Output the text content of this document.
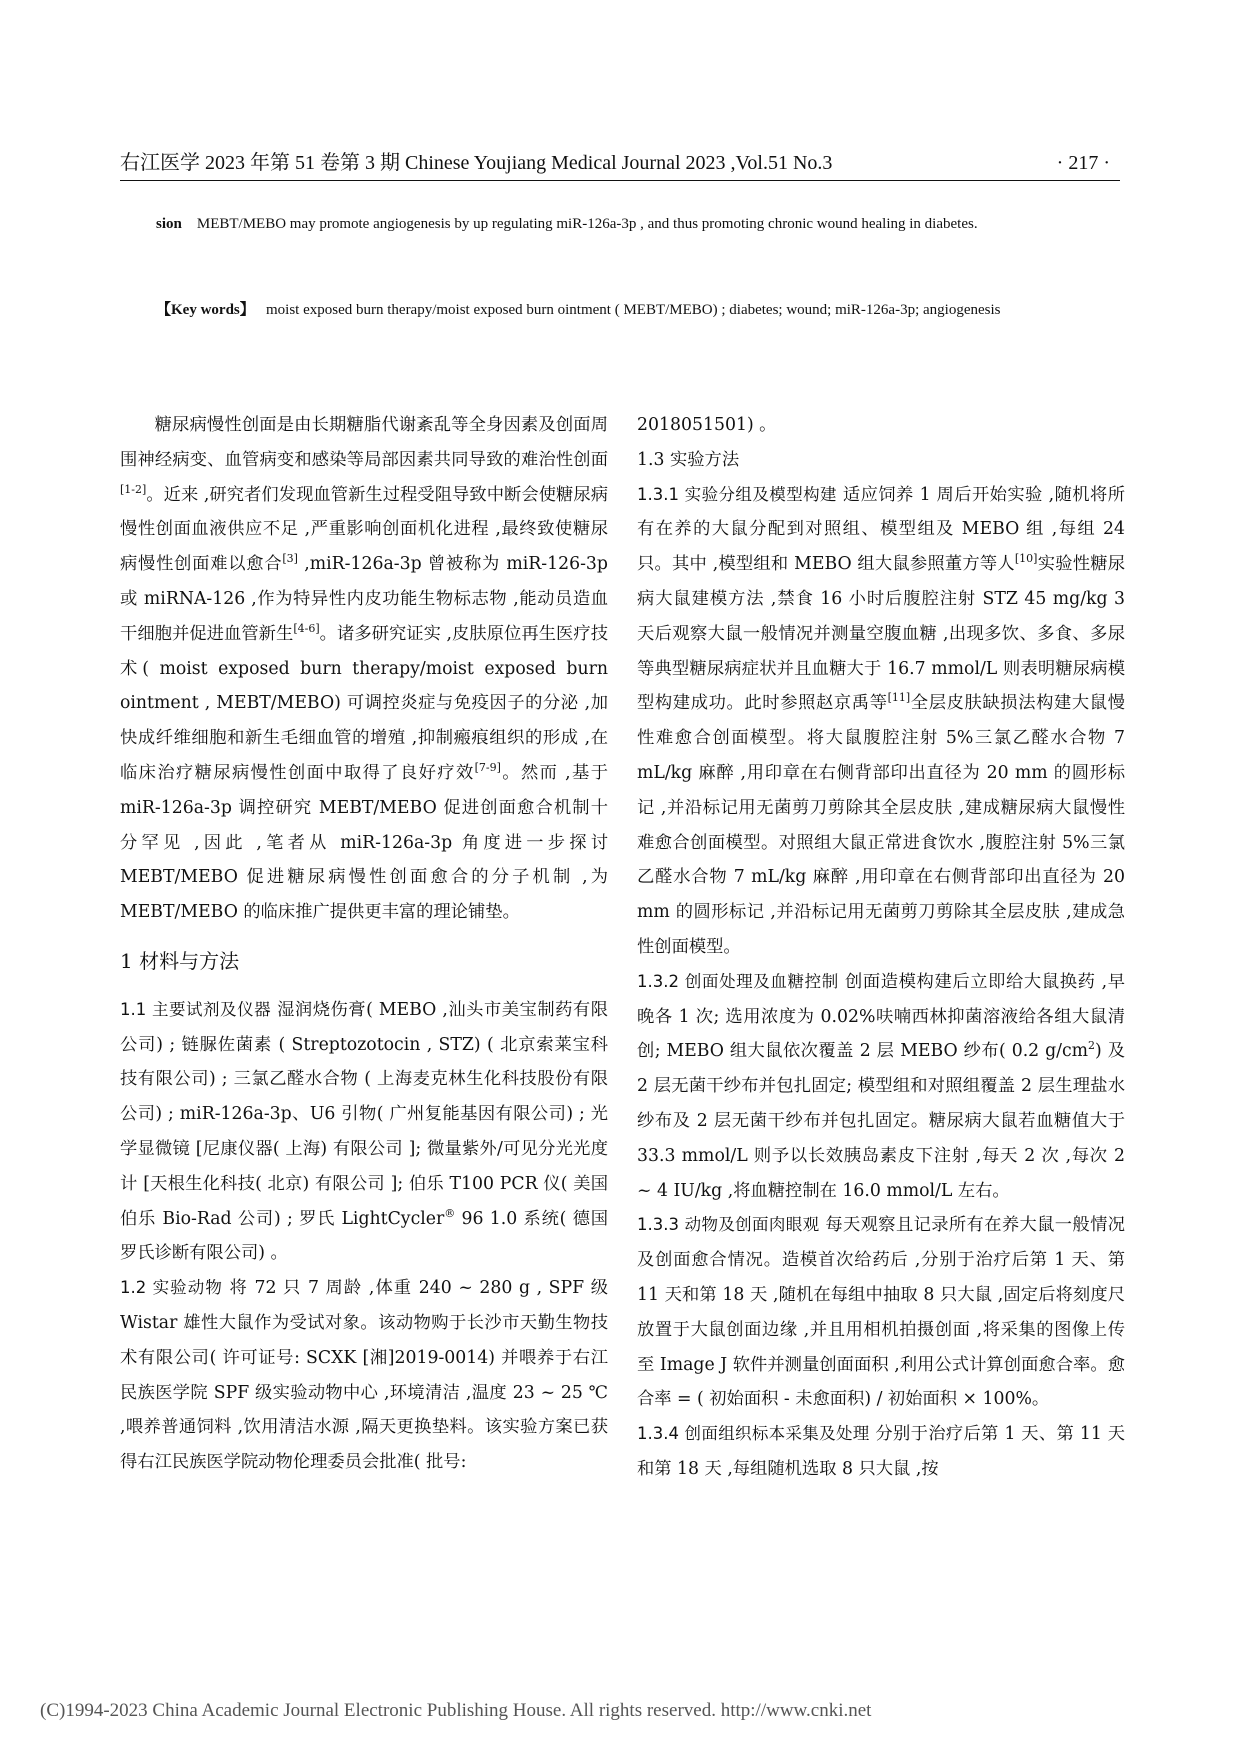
右江医学 2023 年第 51 卷第 3 期 Chinese Youjiang Medical Journal 2023 ,Vol.51 No.3	· 217 ·
sion MEBT/MEBO may promote angiogenesis by up regulating miR-126a-3p , and thus promoting chronic wound healing in diabetes.
【Key words】 moist exposed burn therapy/moist exposed burn ointment ( MEBT/MEBO) ; diabetes; wound; miR-126a-3p; angiogenesis

糖尿病慢性创面是由长期糖脂代谢紊乱等全身因素及创面周围神经病变、血管病变和感染等局部因素共同导致的难治性创面[1-2]。近来 ,研究者们发现血管新生过程受阻导致中断会使糖尿病慢性创面血液供应不足 ,严重影响创面机化进程 ,最终致使糖尿病慢性创面难以愈合[3] ,miR-126a-3p 曾被称为 miR-126-3p 或 miRNA-126 ,作为特异性内皮功能生物标志物 ,能动员造血干细胞并促进血管新生[4-6]。诸多研究证实 ,皮肤原位再生医疗技术( moist exposed burn therapy/moist exposed burn ointment , MEBT/MEBO) 可调控炎症与免疫因子的分泌 ,加快成纤维细胞和新生毛细血管的增殖 ,抑制瘢痕组织的形成 ,在临床治疗糖尿病慢性创面中取得了良好疗效[7-9]。然而 ,基于 miR-126a-3p 调控研究 MEBT/MEBO 促进创面愈合机制十分罕见 ,因此 ,笔者从 miR-126a-3p 角度进一步探讨 MEBT/MEBO 促进糖尿病慢性创面愈合的分子机制 ,为 MEBT/MEBO 的临床推广提供更丰富的理论铺垫。

1 材料与方法

1.1 主要试剂及仪器 湿润烧伤膏( MEBO ,汕头市美宝制药有限公司) ; 链脲佐菌素 ( Streptozotocin , STZ) ( 北京索莱宝科技有限公司) ; 三氯乙醛水合物 ( 上海麦克林生化科技股份有限公司) ; miR-126a-3p、U6 引物( 广州复能基因有限公司) ; 光学显微镜 [尼康仪器( 上海) 有限公司 ]; 微量紫外/可见分光光度计 [天根生化科技( 北京) 有限公司 ]; 伯乐 T100 PCR 仪( 美国伯乐 Bio-Rad 公司) ; 罗氏 LightCycler® 96 1.0 系统( 德国罗氏诊断有限公司) 。

1.2 实验动物 将 72 只 7 周龄 ,体重 240 ~ 280 g , SPF 级 Wistar 雄性大鼠作为受试对象。该动物购于长沙市天勤生物技术有限公司( 许可证号: SCXK [湘]2019-0014) 并喂养于右江民族医学院 SPF 级实验动物中心 ,环境清洁 ,温度 23 ~ 25 ℃ ,喂养普通饲料 ,饮用清洁水源 ,隔天更换垫料。该实验方案已获得右江民族医学院动物伦理委员会批准( 批号:

2018051501) 。

1.3 实验方法

1.3.1 实验分组及模型构建 适应饲养 1 周后开始实验 ,随机将所有在养的大鼠分配到对照组、模型组及 MEBO 组 ,每组 24 只。其中 ,模型组和 MEBO 组大鼠参照董方等人[10]实验性糖尿病大鼠建模方法 ,禁食 16 小时后腹腔注射 STZ 45 mg/kg 3 天后观察大鼠一般情况并测量空腹血糖 ,出现多饮、多食、多尿等典型糖尿病症状并且血糖大于 16.7 mmol/L 则表明糖尿病模型构建成功。此时参照赵京禹等[11]全层皮肤缺损法构建大鼠慢性难愈合创面模型。将大鼠腹腔注射 5%三氯乙醛水合物 7 mL/kg 麻醉 ,用印章在右侧背部印出直径为 20 mm 的圆形标记 ,并沿标记用无菌剪刀剪除其全层皮肤 ,建成糖尿病大鼠慢性难愈合创面模型。对照组大鼠正常进食饮水 ,腹腔注射 5%三氯乙醛水合物 7 mL/kg 麻醉 ,用印章在右侧背部印出直径为 20 mm 的圆形标记 ,并沿标记用无菌剪刀剪除其全层皮肤 ,建成急性创面模型。

1.3.2 创面处理及血糖控制 创面造模构建后立即给大鼠换药 ,早晚各 1 次; 选用浓度为 0.02%呋喃西林抑菌溶液给各组大鼠清创; MEBO 组大鼠依次覆盖 2 层 MEBO 纱布( 0.2 $g/cm^2$) 及 2 层无菌干纱布并包扎固定; 模型组和对照组覆盖 2 层生理盐水纱布及 2 层无菌干纱布并包扎固定。糖尿病大鼠若血糖值大于 33.3 mmol/L 则予以长效胰岛素皮下注射 ,每天 2 次 ,每次 2 ~ 4 IU/kg ,将血糖控制在 16.0 mmol/L 左右。

1.3.3 动物及创面肉眼观 每天观察且记录所有在养大鼠一般情况及创面愈合情况。造模首次给药后 ,分别于治疗后第 1 天、第 11 天和第 18 天 ,随机在每组中抽取 8 只大鼠 ,固定后将刻度尺放置于大鼠创面边缘 ,并且用相机拍摄创面 ,将采集的图像上传至 Image J 软件并测量创面面积 ,利用公式计算创面愈合率。愈合率 = ( 初始面积 - 未愈面积) / 初始面积 × 100%。

1.3.4 创面组织标本采集及处理 分别于治疗后第 1 天、第 11 天和第 18 天 ,每组随机选取 8 只大鼠 ,按

(C)1994-2023 China Academic Journal Electronic Publishing House. All rights reserved. http://www.cnki.net
